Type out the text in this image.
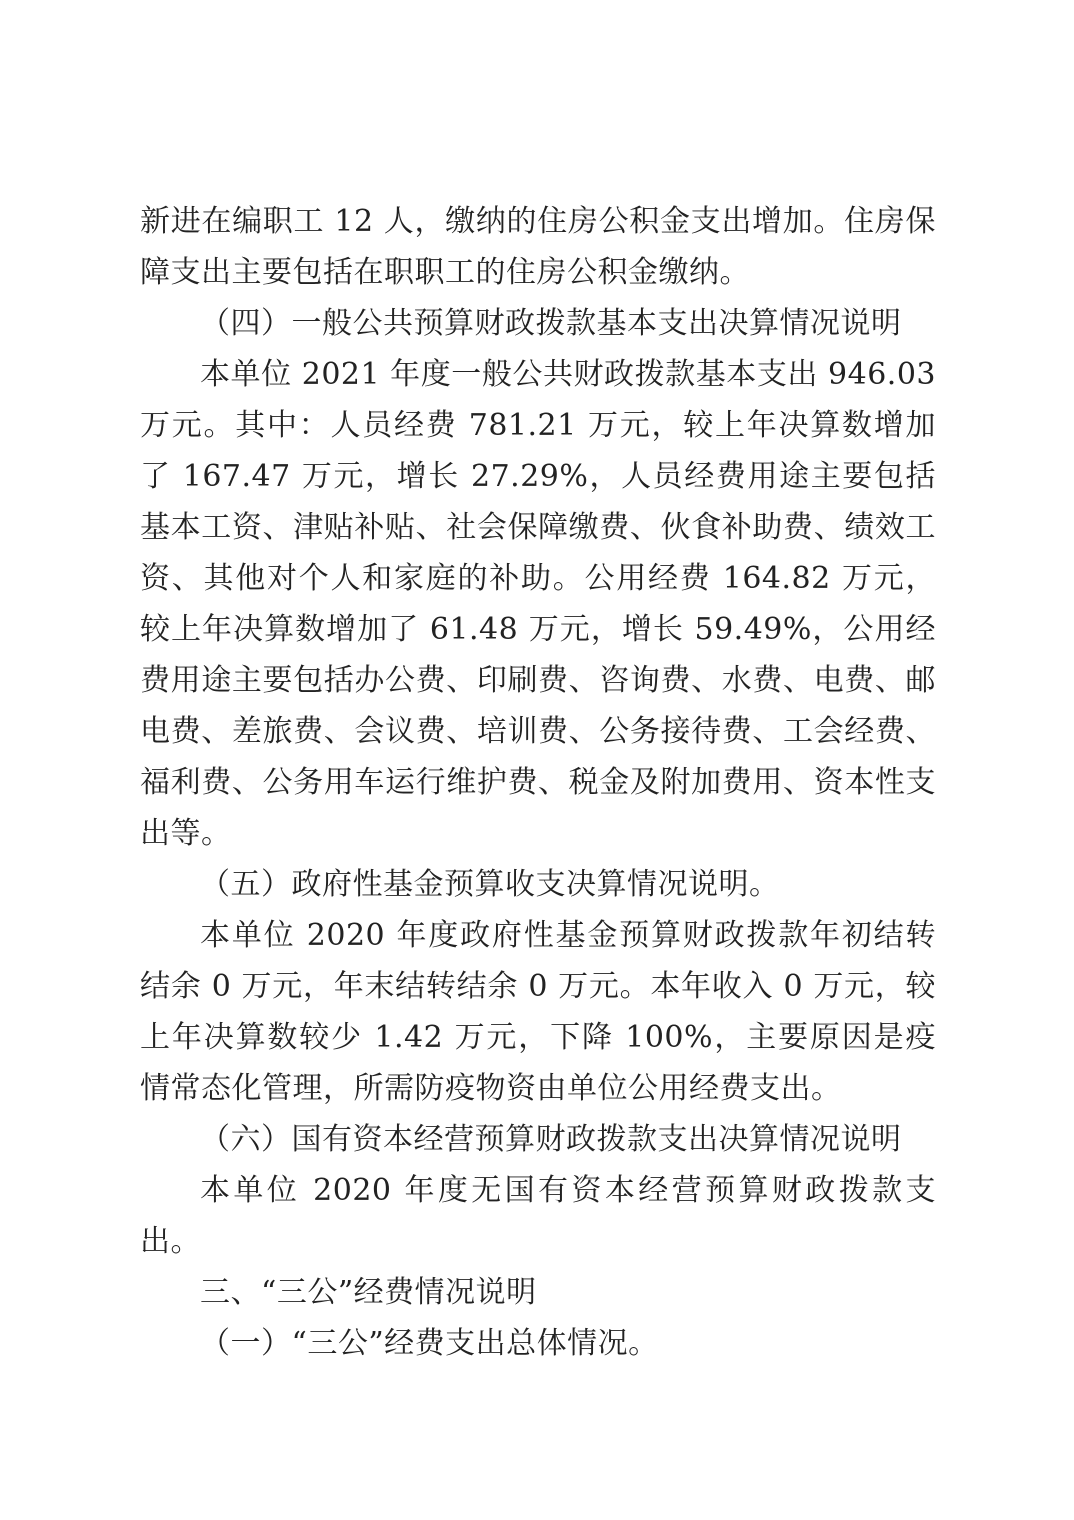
新进在编职工 12 人，缴纳的住房公积金支出增加。住房保障支出主要包括在职职工的住房公积金缴纳。

（四）一般公共预算财政拨款基本支出决算情况说明

本单位 2021 年度一般公共财政拨款基本支出 946.03 万元。其中：人员经费 781.21 万元，较上年决算数增加了 167.47 万元，增长 27.29%，人员经费用途主要包括基本工资、津贴补贴、社会保障缴费、伙食补助费、绩效工资、其他对个人和家庭的补助。公用经费 164.82 万元，较上年决算数增加了 61.48 万元，增长 59.49%，公用经费用途主要包括办公费、印刷费、咨询费、水费、电费、邮电费、差旅费、会议费、培训费、公务接待费、工会经费、福利费、公务用车运行维护费、税金及附加费用、资本性支出等。

（五）政府性基金预算收支决算情况说明。

本单位 2020 年度政府性基金预算财政拨款年初结转结余 0 万元，年末结转结余 0 万元。本年收入 0 万元，较上年决算数较少 1.42 万元，下降 100%，主要原因是疫情常态化管理，所需防疫物资由单位公用经费支出。

（六）国有资本经营预算财政拨款支出决算情况说明

本单位 2020 年度无国有资本经营预算财政拨款支出。

三、“三公”经费情况说明

（一）“三公”经费支出总体情况。
